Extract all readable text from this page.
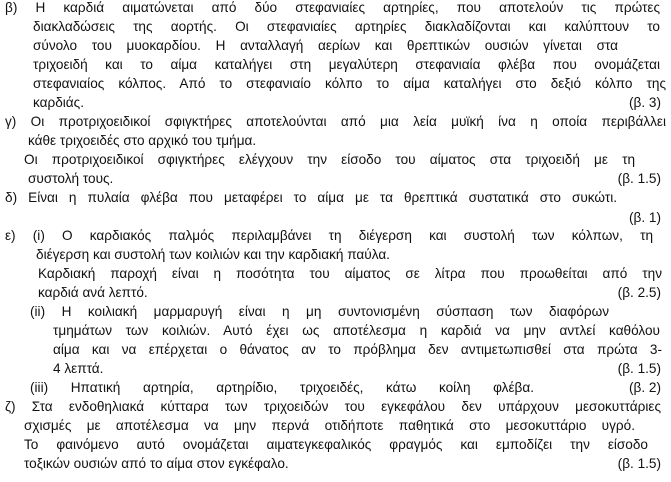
β) Η καρδιά αιματώνεται από δύο στεφανιαίες αρτηρίες, που αποτελούν τις πρώτες
διακλαδώσεις της αορτής. Οι στεφανιαίες αρτηρίες διακλαδίζονται και καλύπτουν το
σύνολο του μυοκαρδίου. Η ανταλλαγή αερίων και θρεπτικών ουσιών γίνεται στα
τριχοειδή και το αίμα καταλήγει στη μεγαλύτερη στεφανιαία φλέβα που ονομάζεται
στεφανιαίος κόλπος. Από το στεφανιαίο κόλπο το αίμα καταλήγει στο δεξιό κόλπο της
καρδιάς.	(β. 3)
γ) Οι προτριχοειδικοί σφιγκτήρες αποτελούνται από μια λεία μυϊκή ίνα η οποία περιβάλλει
κάθε τριχοειδές στο αρχικό του τμήμα.
Οι προτριχοειδικοί σφιγκτήρες ελέγχουν την είσοδο του αίματος στα τριχοειδή με τη
συστολή τους.	(β. 1.5)
δ) Είναι η πυλαία φλέβα που μεταφέρει το αίμα με τα θρεπτικά συστατικά στο συκώτι.
(β. 1)
ε) (i) Ο καρδιακός παλμός περιλαμβάνει τη διέγερση και συστολή των κόλπων, τη
διέγερση και συστολή των κοιλιών και την καρδιακή παύλα.
Καρδιακή παροχή είναι η ποσότητα του αίματος σε λίτρα που προωθείται από την
καρδιά ανά λεπτό.	(β. 2.5)
(ii) Η κοιλιακή μαρμαρυγή είναι η μη συντονισμένη σύσπαση των διαφόρων
τμημάτων των κοιλιών. Αυτό έχει ως αποτέλεσμα η καρδιά να μην αντλεί καθόλου
αίμα και να επέρχεται ο θάνατος αν το πρόβλημα δεν αντιμετωπισθεί στα πρώτα 3-
4 λεπτά.	(β. 1.5)
(iii) Ηπατική αρτηρία, αρτηρίδιο, τριχοειδές, κάτω κοίλη φλέβα.	(β. 2)
ζ) Στα ενδοθηλιακά κύτταρα των τριχοειδών του εγκεφάλου δεν υπάρχουν μεσοκυττάριες
σχισμές με αποτέλεσμα να μην περνά οτιδήποτε παθητικά στο μεσοκυττάριο υγρό.
Το φαινόμενο αυτό ονομάζεται αιματεγκεφαλικός φραγμός και εμποδίζει την είσοδο
τοξικών ουσιών από το αίμα στον εγκέφαλο.	(β. 1.5)
